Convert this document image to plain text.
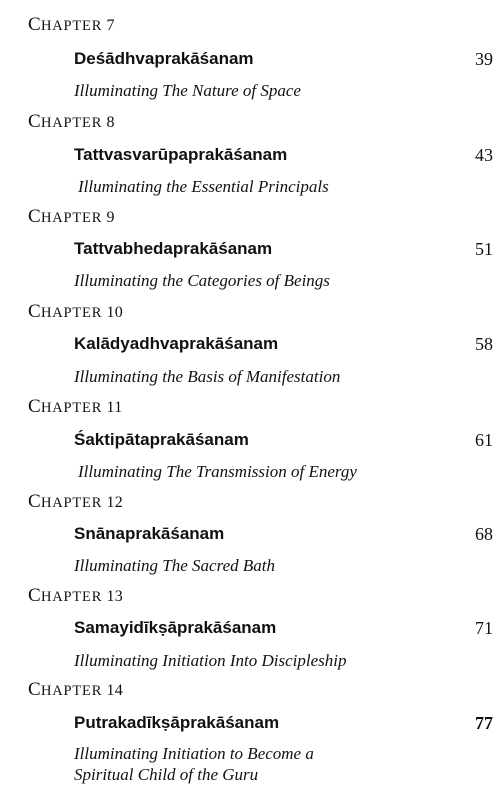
CHAPTER 7
Deśādhvaprakāśanam	39
Illuminating The Nature of Space
CHAPTER 8
Tattvasvarūpaprakāśanam	43
Illuminating the Essential Principals
CHAPTER 9
Tattvabhedaprakāśanam	51
Illuminating the Categories of Beings
CHAPTER 10
Kalādyadhvaprakāśanam	58
Illuminating the Basis of Manifestation
CHAPTER 11
Śaktipātaprakāśanam	61
Illuminating The Transmission of Energy
CHAPTER 12
Snānaprakāśanam	68
Illuminating The Sacred Bath
CHAPTER 13
Samayidīkṣāprakāśanam	71
Illuminating Initiation Into Discipleship
CHAPTER 14
Putrakadīkṣāprakāśanam	77
Illuminating Initiation to Become a
Spiritual Child of the Guru
